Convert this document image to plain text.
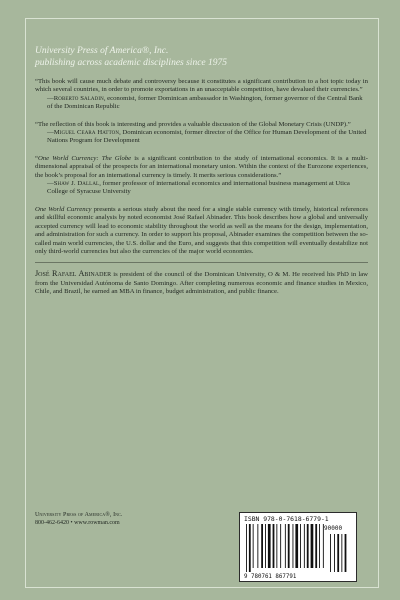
University Press of America®, Inc.
publishing across academic disciplines since 1975

“This book will cause much debate and controversy because it constitutes a significant contribution to a hot topic today in which several countries, in order to promote exportations in an unacceptable competition, have devalued their currencies.”

—Roberto Saladin, economist, former Dominican ambassador in Washington, former governor of the Central Bank of the Dominican Republic

“The reflection of this book is interesting and provides a valuable discussion of the Global Monetary Crisis (UNDP).”

—Miguel Ceara Hatton, Dominican economist, former director of the Office for Human Development of the United Nations Program for Development

“One World Currency: The Globe is a significant contribution to the study of international economics. It is a multi-dimensional appraisal of the prospects for an international monetary union. Within the context of the Eurozone experiences, the book’s proposal for an international currency is timely. It merits serious considerations.”

—Shaw J. Dallal, former professor of international economics and international business management at Utica College of Syracuse University

One World Currency presents a serious study about the need for a single stable currency with timely, historical references and skillful economic analysis by noted economist José Rafael Abinader. This book describes how a global and universally accepted currency will lead to economic stability throughout the world as well as the means for the design, implementation, and administration for such a currency. In order to support his proposal, Abinader examines the competition between the so-called main world currencies, the U.S. dollar and the Euro, and suggests that this competition will eventually destabilize not only third-world currencies but also the currencies of the major world economies.

José Rafael Abinader is president of the council of the Dominican University, O & M. He received his PhD in law from the Universidad Autónoma de Santo Domingo. After completing numerous economic and finance studies in Mexico, Chile, and Brazil, he earned an MBA in finance, budget administration, and public finance.

University Press of America®, Inc.
800-462-6420 • www.rowman.com	ISBN 978-0-7618-6779-1
90000
9 780761 867791
